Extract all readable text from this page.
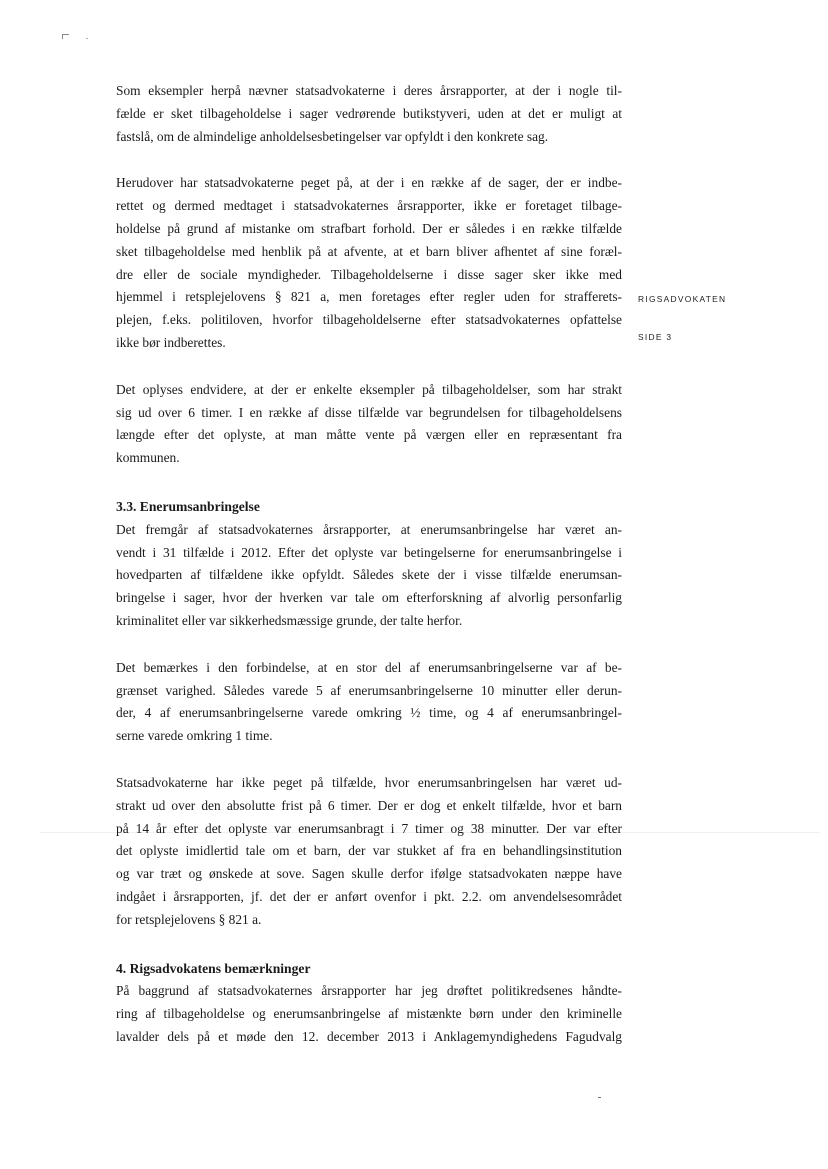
RIGSADVOKATEN
SIDE 3

Som eksempler herpå nævner statsadvokaterne i deres årsrapporter, at der i nogle til-
fælde er sket tilbageholdelse i sager vedrørende butikstyveri, uden at det er muligt at
fastslå, om de almindelige anholdelsesbetingelser var opfyldt i den konkrete sag.

Herudover har statsadvokaterne peget på, at der i en række af de sager, der er indbe-
rettet og dermed medtaget i statsadvokaternes årsrapporter, ikke er foretaget tilbage-
holdelse på grund af mistanke om strafbart forhold. Der er således i en række tilfælde
sket tilbageholdelse med henblik på at afvente, at et barn bliver afhentet af sine foræl-
dre eller de sociale myndigheder. Tilbageholdelserne i disse sager sker ikke med
hjemmel i retsplejelovens § 821 a, men foretages efter regler uden for strafferets-
plejen, f.eks. politiloven, hvorfor tilbageholdelserne efter statsadvokaternes opfattelse
ikke bør indberettes.

Det oplyses endvidere, at der er enkelte eksempler på tilbageholdelser, som har strakt
sig ud over 6 timer. I en række af disse tilfælde var begrundelsen for tilbageholdelsens
længde efter det oplyste, at man måtte vente på værgen eller en repræsentant fra
kommunen.

3.3. Enerumsanbringelse

Det fremgår af statsadvokaternes årsrapporter, at enerumsanbringelse har været an-
vendt i 31 tilfælde i 2012. Efter det oplyste var betingelserne for enerumsanbringelse i
hovedparten af tilfældene ikke opfyldt. Således skete der i visse tilfælde enerumsan-
bringelse i sager, hvor der hverken var tale om efterforskning af alvorlig personfarlig
kriminalitet eller var sikkerhedsmæssige grunde, der talte herfor.

Det bemærkes i den forbindelse, at en stor del af enerumsanbringelserne var af be-
grænset varighed. Således varede 5 af enerumsanbringelserne 10 minutter eller derun-
der, 4 af enerumsanbringelserne varede omkring ½ time, og 4 af enerumsanbringel-
serne varede omkring 1 time.

Statsadvokaterne har ikke peget på tilfælde, hvor enerumsanbringelsen har været ud-
strakt ud over den absolutte frist på 6 timer. Der er dog et enkelt tilfælde, hvor et barn
på 14 år efter det oplyste var enerumsanbragt i 7 timer og 38 minutter. Der var efter
det oplyste imidlertid tale om et barn, der var stukket af fra en behandlingsinstitution
og var træt og ønskede at sove. Sagen skulle derfor ifølge statsadvokaten næppe have
indgået i årsrapporten, jf. det der er anført ovenfor i pkt. 2.2. om anvendelsesområdet
for retsplejelovens § 821 a.

4. Rigsadvokatens bemærkninger

På baggrund af statsadvokaternes årsrapporter har jeg drøftet politikredsenes håndte-
ring af tilbageholdelse og enerumsanbringelse af mistænkte børn under den kriminelle
lavalder dels på et møde den 12. december 2013 i Anklagemyndighedens Fagudvalg
